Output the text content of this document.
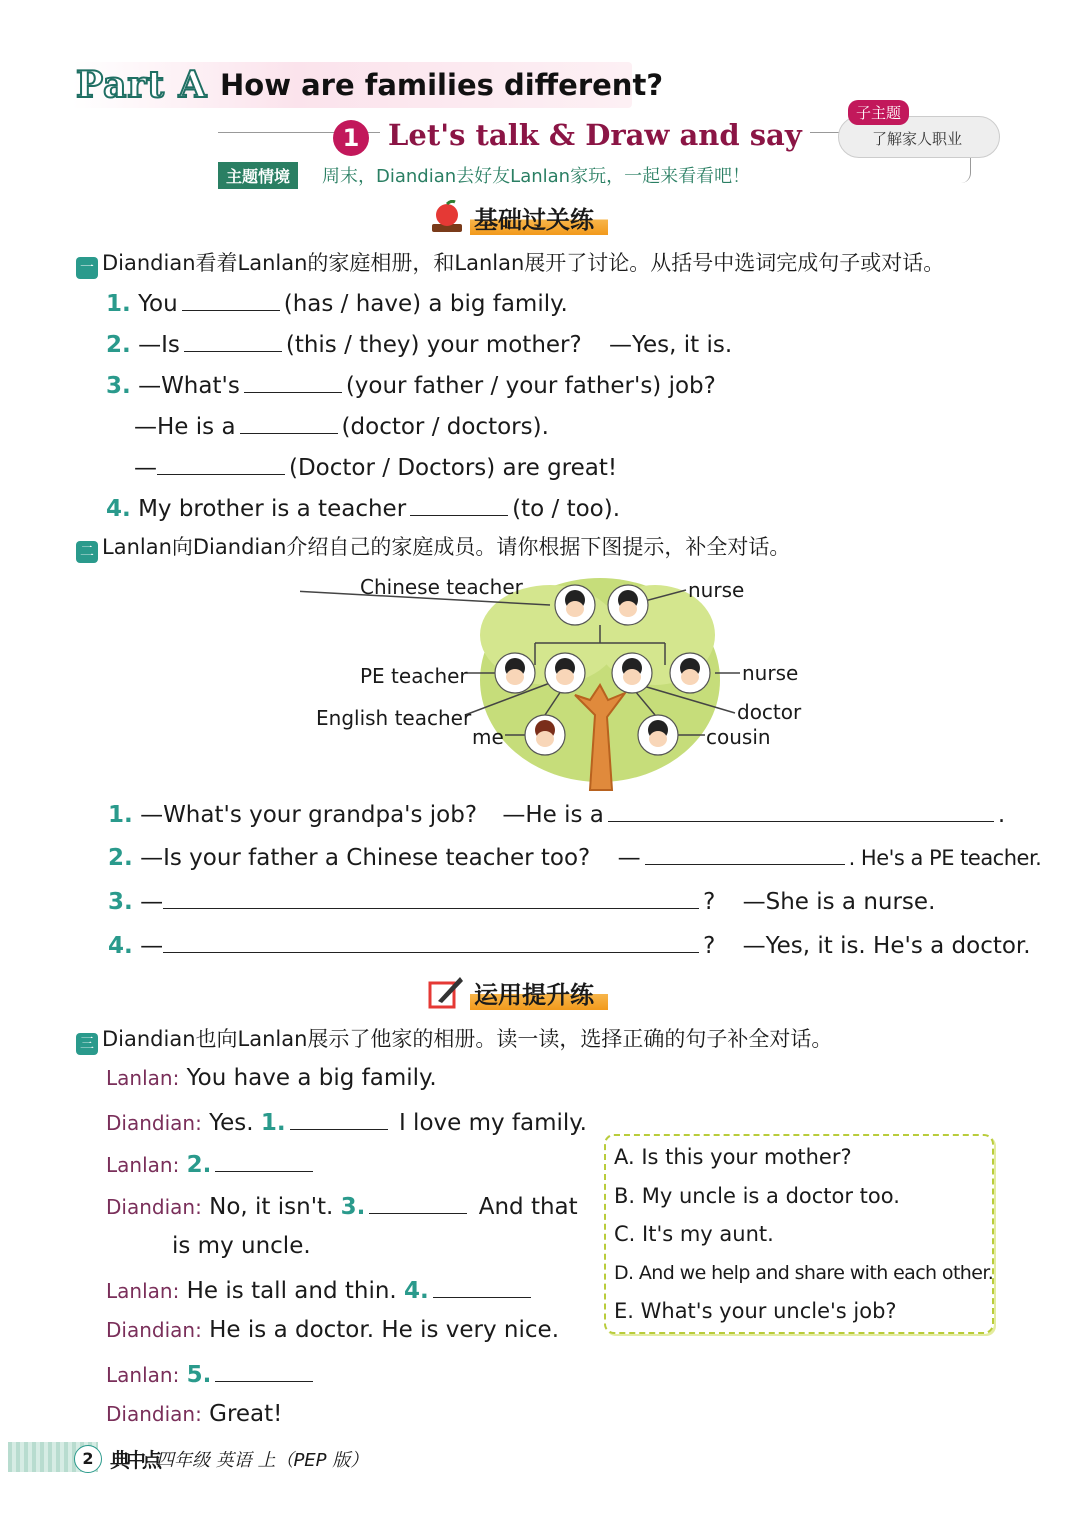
Part A How are families different?
1 Let's talk & Draw and say
子主题
了解家人职业
主题情境	周末，Diandian去好友Lanlan家玩，一起来看看吧！
基础过关练
一 Diandian看着Lanlan的家庭相册，和Lanlan展开了讨论。从括号中选词完成句子或对话。
1. You	(has / have) a big family.
2. —Is	(this / they) your mother? —Yes, it is.
3. —What's	(your father / your father's) job?
—He is a	(doctor / doctors).
—	(Doctor / Doctors) are great!
4. My brother is a teacher	(to / too).
二 Lanlan向Diandian介绍自己的家庭成员。请你根据下图提示，补全对话。
Chinese teacher	nurse
PE teacher
English teacher
nurse
doctor
me	cousin
1. —What's your grandpa's job? —He is a	.
2. —Is your father a Chinese teacher too? —	. He's a PE teacher.
3. —	? —She is a nurse.
4. —	? —Yes, it is. He's a doctor.
运用提升练
三 Diandian也向Lanlan展示了他家的相册。读一读，选择正确的句子补全对话。
Lanlan: You have a big family.
Diandian: Yes. 1.	I love my family.
Lanlan: 2.
Diandian: No, it isn't. 3.	And that
is my uncle.
Lanlan: He is tall and thin. 4.
Diandian: He is a doctor. He is very nice.
Lanlan: 5.
Diandian: Great!
A. Is this your mother?
B. My uncle is a doctor too.
C. It's my aunt.
D. And we help and share with each other.
E. What's your uncle's job?
2 典中点
四年级 英语 上（PEP 版）
